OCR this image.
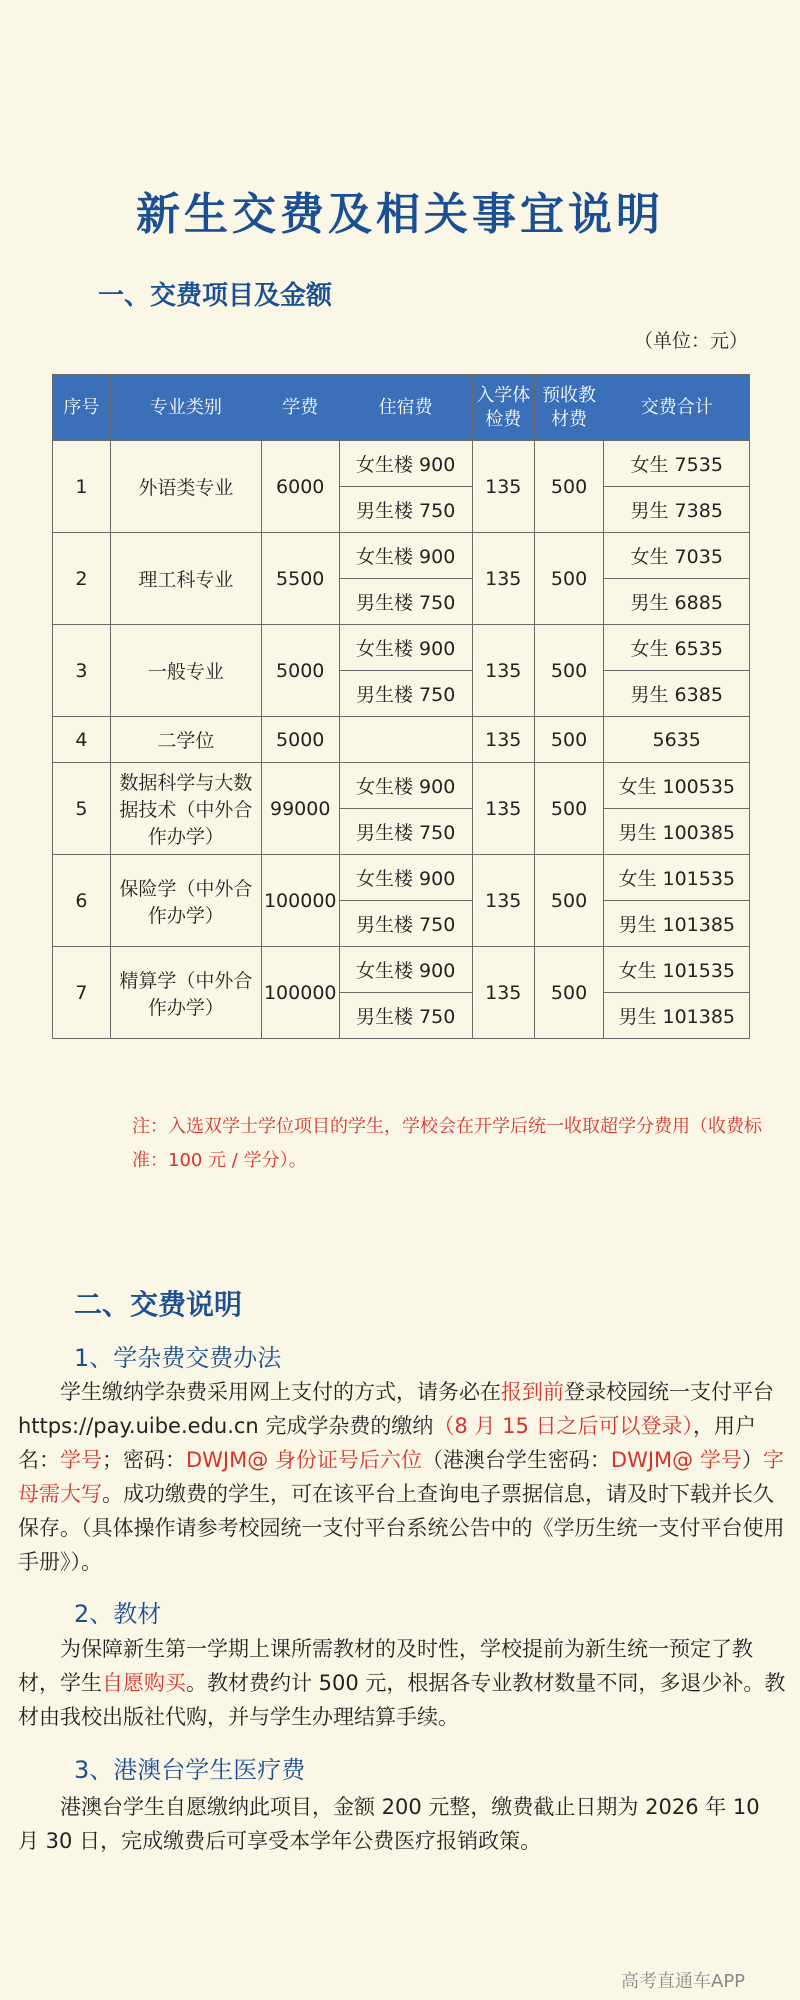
新生交费及相关事宜说明
一、交费项目及金额
（单位：元）
序号	专业类别	学费	住宿费	入学体检费	预收教材费	交费合计
1	外语类专业	6000	女生楼 900	135	500	女生 7535
			男生楼 750			男生 7385
2	理工科专业	5500	女生楼 900	135	500	女生 7035
			男生楼 750			男生 6885
3	一般专业	5000	女生楼 900	135	500	女生 6535
			男生楼 750			男生 6385
4	二学位	5000		135	500	5635
5	数据科学与大数据技术（中外合作办学）	99000	女生楼 900	135	500	女生 100535
			男生楼 750			男生 100385
6	保险学（中外合作办学）	100000	女生楼 900	135	500	女生 101535
			男生楼 750			男生 101385
7	精算学（中外合作办学）	100000	女生楼 900	135	500	女生 101535
			男生楼 750			男生 101385
注：入选双学士学位项目的学生，学校会在开学后统一收取超学分费用（收费标准：100 元 / 学分）。
二、交费说明
1、学杂费交费办法
学生缴纳学杂费采用网上支付的方式，请务必在报到前登录校园统一支付平台 https://pay.uibe.edu.cn 完成学杂费的缴纳（8 月 15 日之后可以登录），用户名：学号；密码：DWJM@ 身份证号后六位（港澳台学生密码：DWJM@ 学号）字母需大写。成功缴费的学生，可在该平台上查询电子票据信息，请及时下载并长久保存。（具体操作请参考校园统一支付平台系统公告中的《学历生统一支付平台使用手册》）。
2、教材
为保障新生第一学期上课所需教材的及时性，学校提前为新生统一预定了教材，学生自愿购买。教材费约计 500 元，根据各专业教材数量不同，多退少补。教材由我校出版社代购，并与学生办理结算手续。
3、港澳台学生医疗费
港澳台学生自愿缴纳此项目，金额 200 元整，缴费截止日期为 2026 年 10 月 30 日，完成缴费后可享受本学年公费医疗报销政策。
高考直通车APP
